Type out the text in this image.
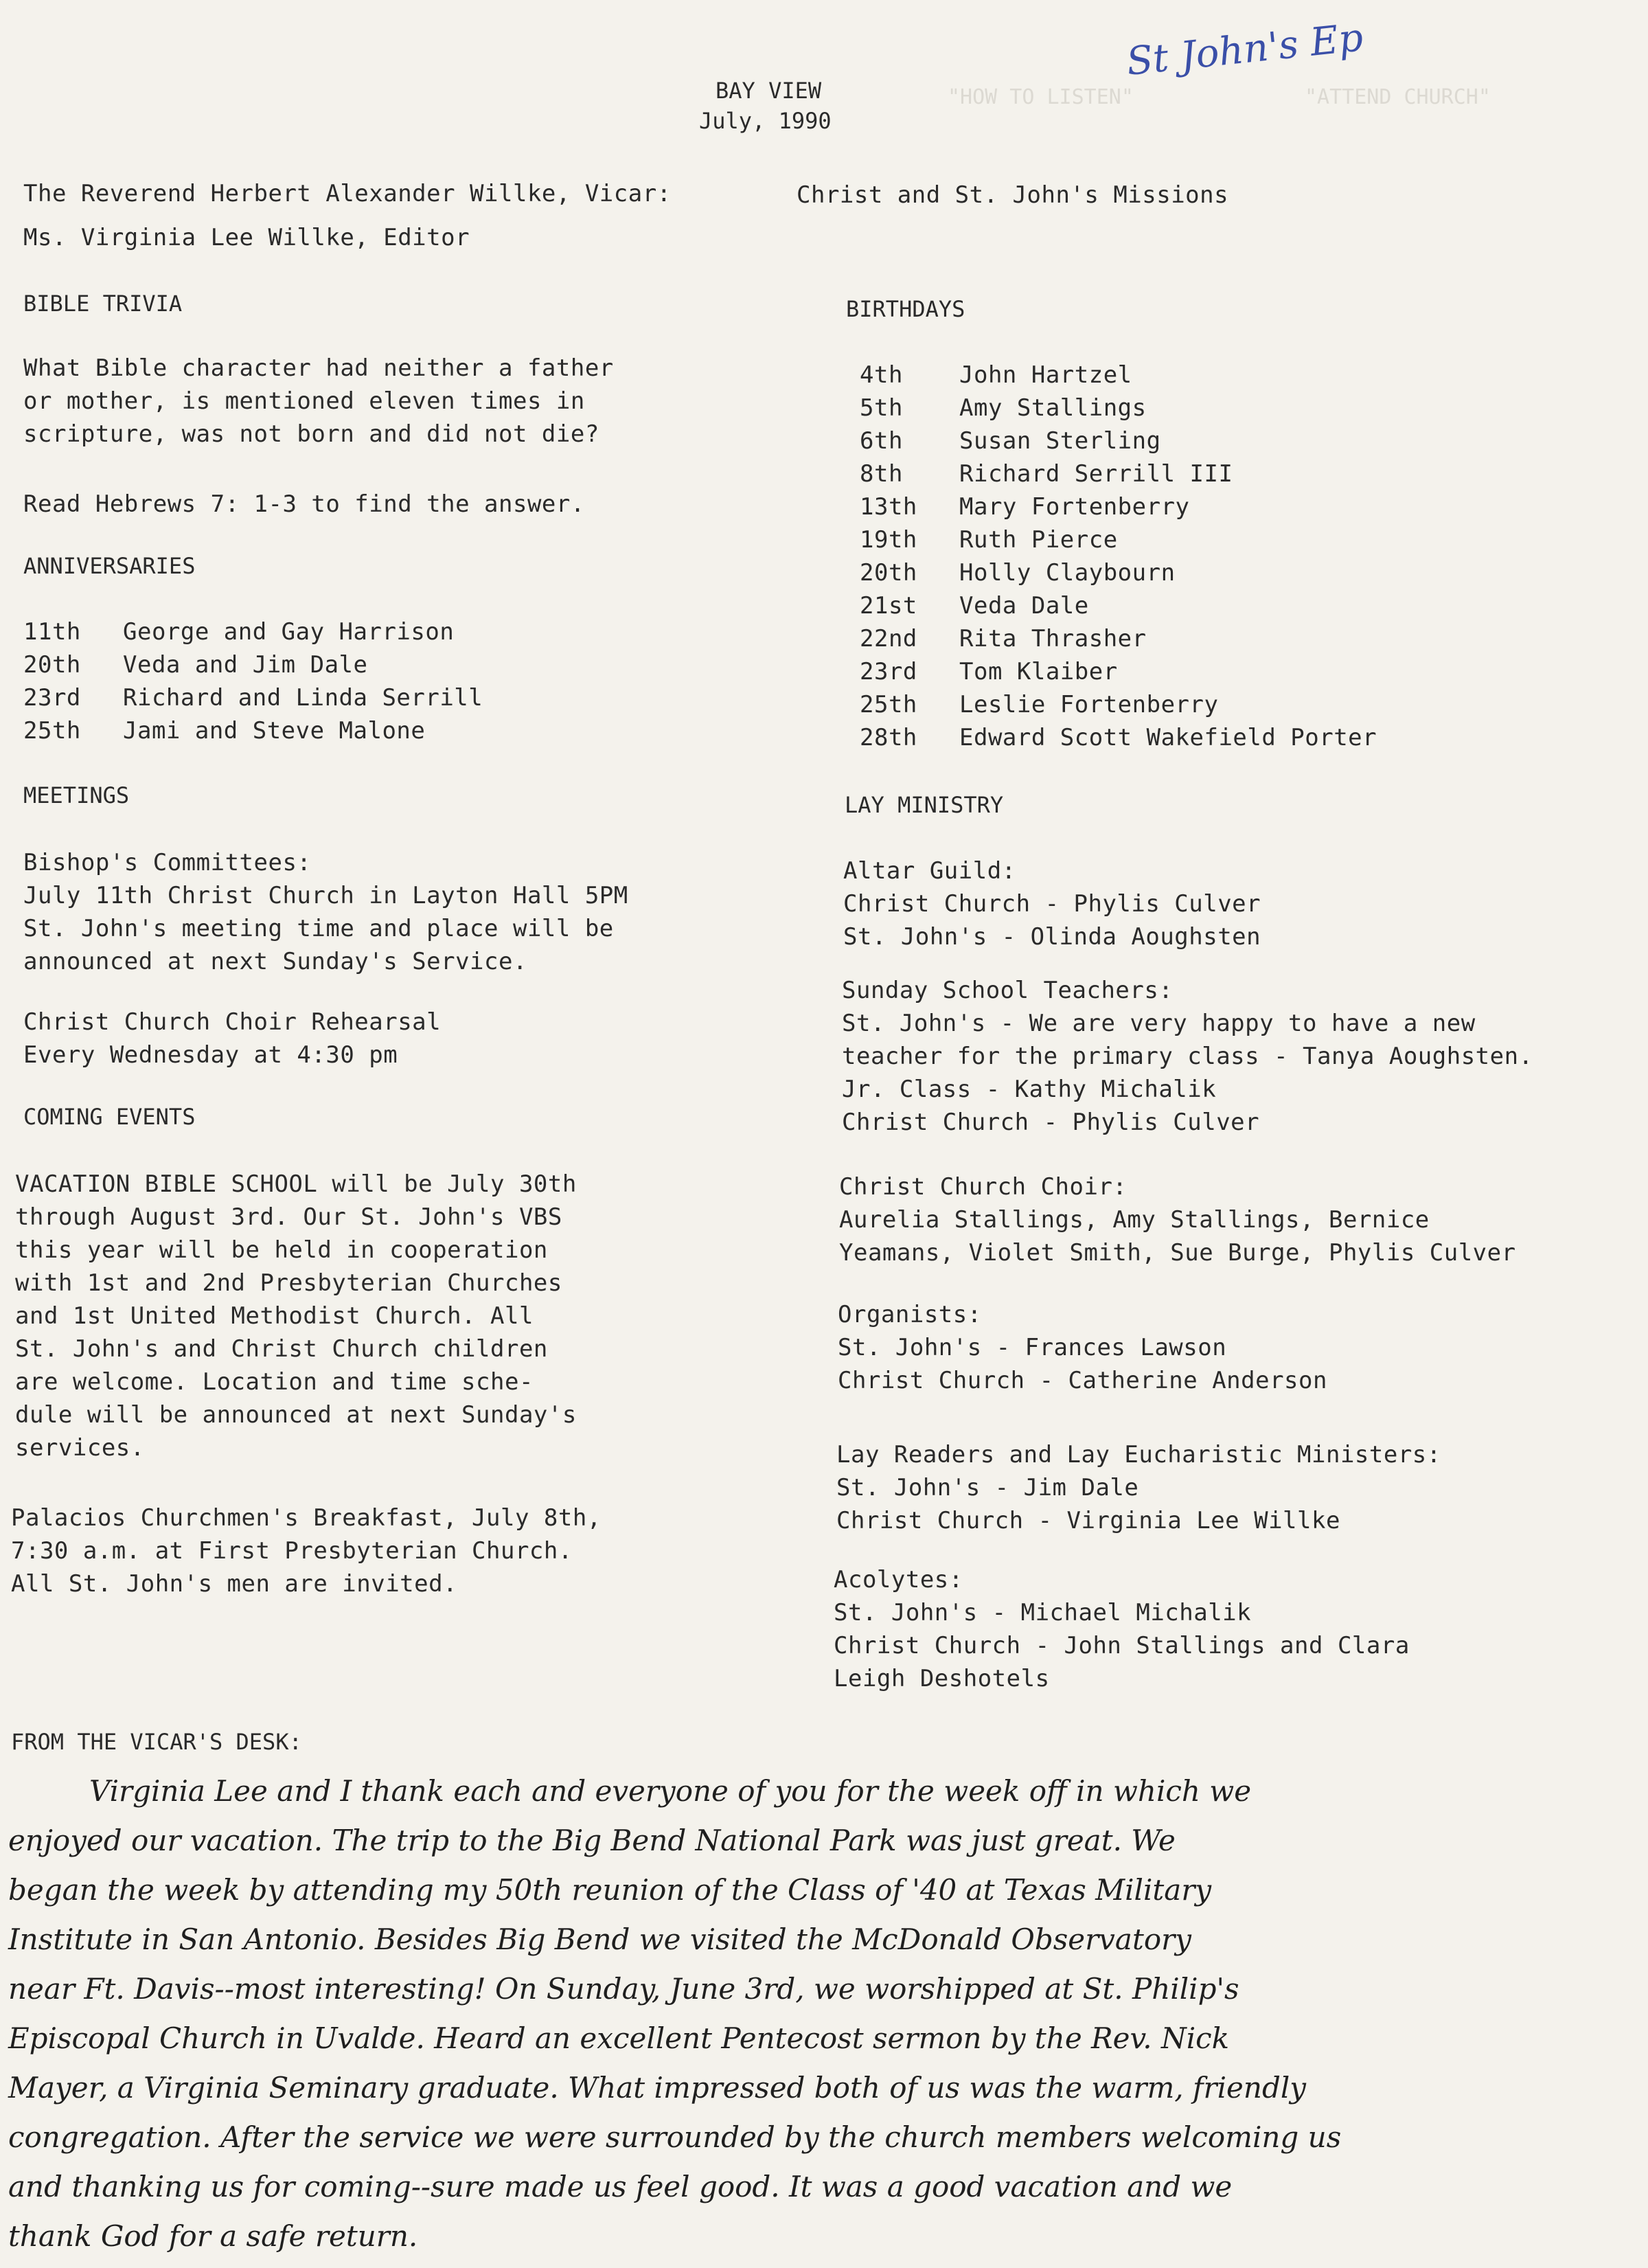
"HOW TO LISTEN"	"ATTEND CHURCH"
St John's Ep
BAY VIEW
July, 1990
The Reverend Herbert Alexander Willke, Vicar:	Christ and St. John's Missions
Ms. Virginia Lee Willke, Editor
BIBLE TRIVIA
What Bible character had neither a father
or mother, is mentioned eleven times in
scripture, was not born and did not die?
Read Hebrews 7: 1-3 to find the answer.
ANNIVERSARIES
11th George and Gay Harrison
20th Veda and Jim Dale
23rd Richard and Linda Serrill
25th Jami and Steve Malone
MEETINGS
Bishop's Committees:
July 11th Christ Church in Layton Hall 5PM
St. John's meeting time and place will be
announced at next Sunday's Service.
Christ Church Choir Rehearsal
Every Wednesday at 4:30 pm
COMING EVENTS
VACATION BIBLE SCHOOL will be July 30th
through August 3rd. Our St. John's VBS
this year will be held in cooperation
with 1st and 2nd Presbyterian Churches
and 1st United Methodist Church. All
St. John's and Christ Church children
are welcome. Location and time sche-
dule will be announced at next Sunday's
services.
Palacios Churchmen's Breakfast, July 8th,
7:30 a.m. at First Presbyterian Church.
All St. John's men are invited.
BIRTHDAYS
4th John Hartzel
5th Amy Stallings
6th Susan Sterling
8th Richard Serrill III
13th Mary Fortenberry
19th Ruth Pierce
20th Holly Claybourn
21st Veda Dale
22nd Rita Thrasher
23rd Tom Klaiber
25th Leslie Fortenberry
28th Edward Scott Wakefield Porter
LAY MINISTRY
Altar Guild:
Christ Church - Phylis Culver
St. John's - Olinda Aoughsten
Sunday School Teachers:
St. John's - We are very happy to have a new
teacher for the primary class - Tanya Aoughsten.
Jr. Class - Kathy Michalik
Christ Church - Phylis Culver
Christ Church Choir:
Aurelia Stallings, Amy Stallings, Bernice
Yeamans, Violet Smith, Sue Burge, Phylis Culver
Organists:
St. John's - Frances Lawson
Christ Church - Catherine Anderson
Lay Readers and Lay Eucharistic Ministers:
St. John's - Jim Dale
Christ Church - Virginia Lee Willke
Acolytes:
St. John's - Michael Michalik
Christ Church - John Stallings and Clara
Leigh Deshotels
FROM THE VICAR'S DESK:
Virginia Lee and I thank each and everyone of you for the week off in which we
enjoyed our vacation. The trip to the Big Bend National Park was just great. We
began the week by attending my 50th reunion of the Class of '40 at Texas Military
Institute in San Antonio. Besides Big Bend we visited the McDonald Observatory
near Ft. Davis--most interesting! On Sunday, June 3rd, we worshipped at St. Philip's
Episcopal Church in Uvalde. Heard an excellent Pentecost sermon by the Rev. Nick
Mayer, a Virginia Seminary graduate. What impressed both of us was the warm, friendly
congregation. After the service we were surrounded by the church members welcoming us
and thanking us for coming--sure made us feel good. It was a good vacation and we
thank God for a safe return.
